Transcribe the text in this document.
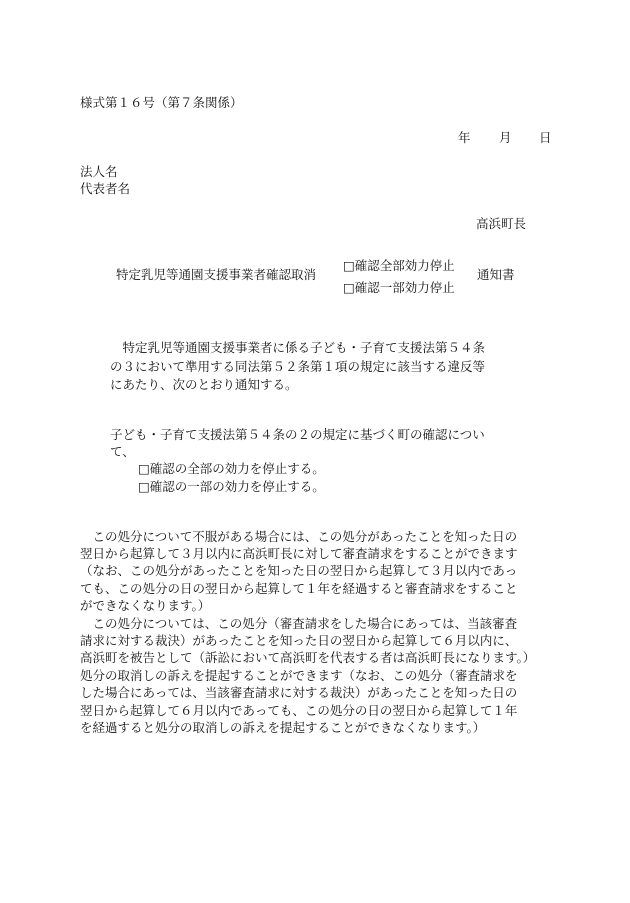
様式第１６号（第７条関係）
年 月 日
法人名
代表者名
高浜町長
特定乳児等通園支援事業者確認取消
□確認全部効力停止
□確認一部効力停止
通知書
　特定乳児等通園支援事業者に係る子ども・子育て支援法第５４条
の３において準用する同法第５２条第１項の規定に該当する違反等
にあたり、次のとおり通知する。
子ども・子育て支援法第５４条の２の規定に基づく町の確認につい
て、
□確認の全部の効力を停止する。
□確認の一部の効力を停止する。
　この処分について不服がある場合には、この処分があったことを知った日の
翌日から起算して３月以内に高浜町長に対して審査請求をすることができます
（なお、この処分があったことを知った日の翌日から起算して３月以内であっ
ても、この処分の日の翌日から起算して１年を経過すると審査請求をすること
ができなくなります。）
　この処分については、この処分（審査請求をした場合にあっては、当該審査
請求に対する裁決）があったことを知った日の翌日から起算して６月以内に、
高浜町を被告として（訴訟において高浜町を代表する者は高浜町長になります。）
処分の取消しの訴えを提起することができます（なお、この処分（審査請求を
した場合にあっては、当該審査請求に対する裁決）があったことを知った日の
翌日から起算して６月以内であっても、この処分の日の翌日から起算して１年
を経過すると処分の取消しの訴えを提起することができなくなります。）
